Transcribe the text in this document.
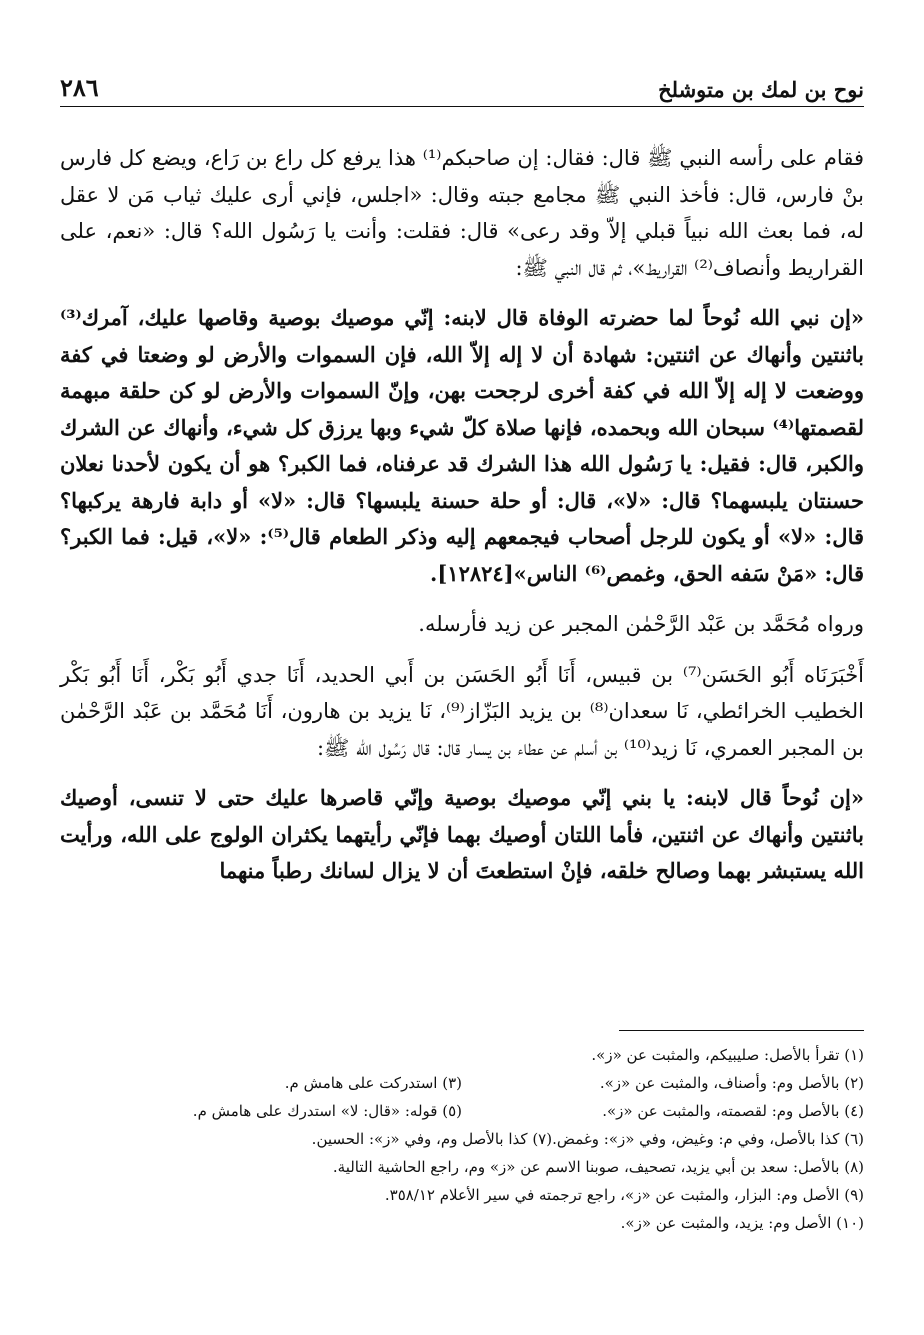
نوح بن لمك بن متوشلخ
٢٨٦

فقام على رأسه النبي ﷺ قال: فقال: إن صاحبكم⁽¹⁾ هذا يرفع كل راع بن رَاع، ويضع كل فارس بنْ فارس، قال: فأخذ النبي ﷺ مجامع جبته وقال: «اجلس، فإني أرى عليك ثياب مَن لا عقل له، فما بعث الله نبياً قبلي إلاّ وقد رعى» قال: فقلت: وأنت يا رَسُول الله؟ قال: «نعم، على القراريط وأنصاف⁽²⁾ القراريط»، ثم قال النبي ﷺ:

«إن نبي الله نُوحاً لما حضرته الوفاة قال لابنه: إنّي موصيك بوصية وقاصها عليك، آمرك⁽³⁾ باثنتين وأنهاك عن اثنتين: شهادة أن لا إله إلاّ الله، فإن السموات والأرض لو وضعتا في كفة ووضعت لا إله إلاّ الله في كفة أخرى لرجحت بهن، وإنّ السموات والأرض لو كن حلقة مبهمة لقصمتها⁽⁴⁾ سبحان الله وبحمده، فإنها صلاة كلّ شيء وبها يرزق كل شيء، وأنهاك عن الشرك والكبر، قال: فقيل: يا رَسُول الله هذا الشرك قد عرفناه، فما الكبر؟ هو أن يكون لأحدنا نعلان حسنتان يلبسهما؟ قال: «لا»، قال: أو حلة حسنة يلبسها؟ قال: «لا» أو دابة فارهة يركبها؟ قال: «لا» أو يكون للرجل أصحاب فيجمعهم إليه وذكر الطعام قال⁽⁵⁾: «لا»، قيل: فما الكبر؟ قال: «مَنْ سَفه الحق، وغمص⁽⁶⁾ الناس»[١٢٨٢٤].

ورواه مُحَمَّد بن عَبْد الرَّحْمٰن المجبر عن زيد فأرسله.

أَخْبَرَنَاه أَبُو الحَسَن⁽⁷⁾ بن قبيس، أَنَا أَبُو الحَسَن بن أَبي الحديد، أَنَا جدي أَبُو بَكْر، أَنَا أَبُو بَكْر الخطيب الخرائطي، نَا سعدان⁽⁸⁾ بن يزيد البَزّاز⁽⁹⁾، نَا يزيد بن هارون، أَنَا مُحَمَّد بن عَبْد الرَّحْمٰن بن المجبر العمري، نَا زيد⁽¹⁰⁾ بن أسلم عن عطاء بن يسار قال: قال رَسُول الله ﷺ:

«إن نُوحاً قال لابنه: يا بني إنّي موصيك بوصية وإنّي قاصرها عليك حتى لا تنسى، أوصيك باثنتين وأنهاك عن اثنتين، فأما اللتان أوصيك بهما فإنّي رأيتهما يكثران الولوج على الله، ورأيت الله يستبشر بهما وصالح خلقه، فإنْ استطعتَ أن لا يزال لسانك رطباً منهما

(١) تقرأ بالأصل: صليبيكم، والمثبت عن «ز».
(٢) بالأصل وم: وأصناف، والمثبت عن «ز».
(٣) استدركت على هامش م.
(٤) بالأصل وم: لقصمته، والمثبت عن «ز».
(٥) قوله: «قال: لا» استدرك على هامش م.
(٦) كذا بالأصل، وفي م: وغيض، وفي «ز»: وغمض.(٧) كذا بالأصل وم، وفي «ز»: الحسين.
(٨) بالأصل: سعد بن أبي يزيد، تصحيف، صوبنا الاسم عن «ز» وم، راجع الحاشية التالية.
(٩) الأصل وم: البزار، والمثبت عن «ز»، راجع ترجمته في سير الأعلام ٣٥٨/١٢.
(١٠) الأصل وم: يزيد، والمثبت عن «ز».
